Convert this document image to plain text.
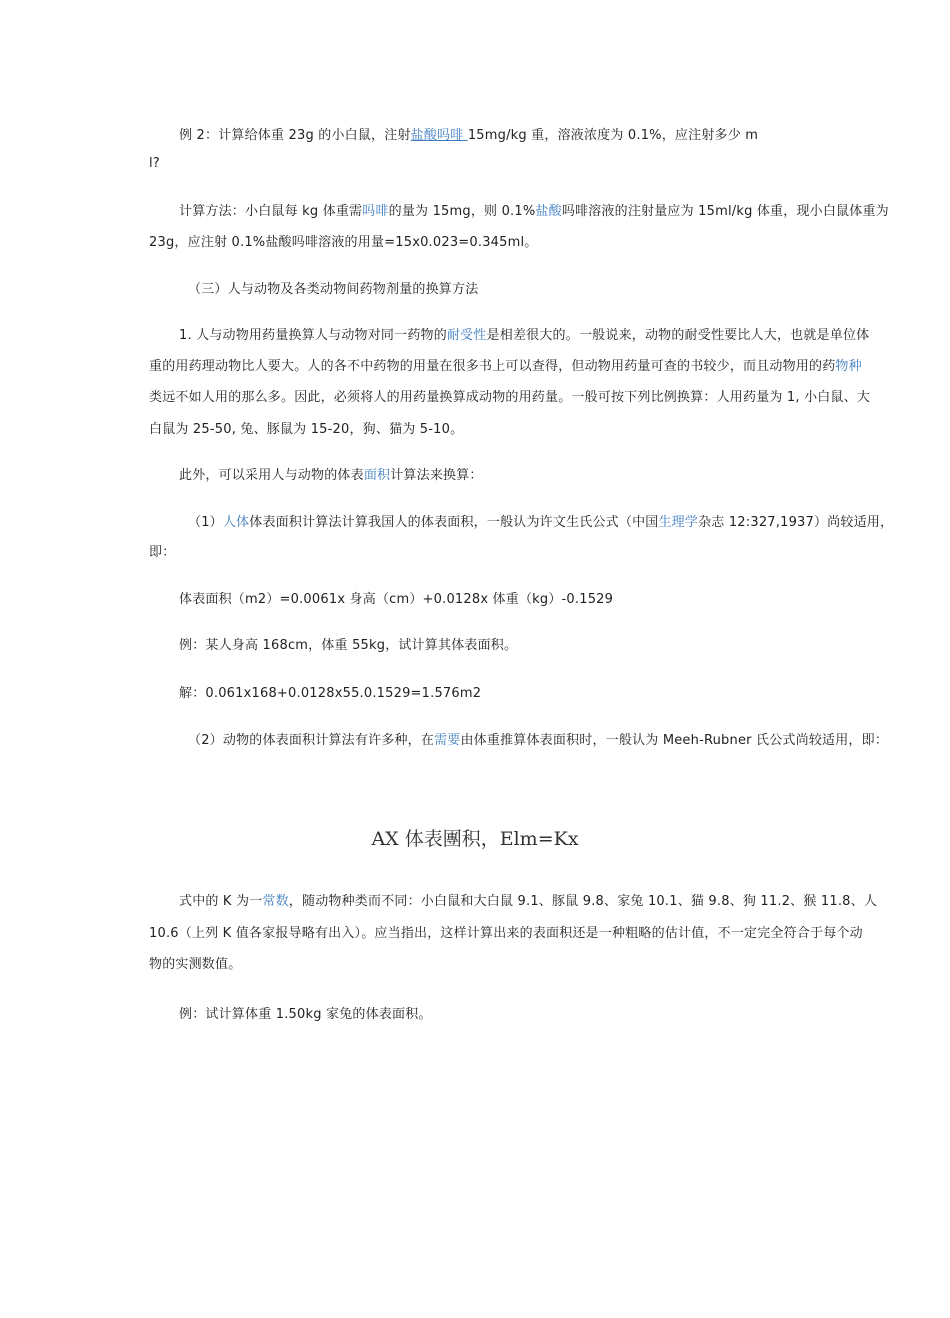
例 2：计算给体重 23g 的小白鼠，注射盐酸吗啡 15mg/kg 重，溶液浓度为 0.1%，应注射多少 m
l?
计算方法：小白鼠每 kg 体重需吗啡的量为 15mg，则 0.1%盐酸吗啡溶液的注射量应为 15ml/kg 体重，现小白鼠体重为
23g，应注射 0.1%盐酸吗啡溶液的用量=15x0.023=0.345ml。
（三）人与动物及各类动物间药物剂量的换算方法
1. 人与动物用药量换算人与动物对同一药物的耐受性是相差很大的。一般说来，动物的耐受性要比人大，也就是单位体
重的用药理动物比人要大。人的各不中药物的用量在很多书上可以查得，但动物用药量可查的书较少，而且动物用的药物种
类远不如人用的那么多。因此，必须将人的用药量换算成动物的用药量。一般可按下列比例换算：人用药量为 1, 小白鼠、大
白鼠为 25-50, 兔、豚鼠为 15-20，狗、猫为 5-10。
此外，可以采用人与动物的体表面积计算法来换算：
（1）人体体表面积计算法计算我国人的体表面积，一般认为许文生氏公式（中国生理学杂志 12:327,1937）尚较适用，
即：
体表面积（m2）=0.0061x 身高（cm）+0.0128x 体重（kg）-0.1529
例：某人身高 168cm，体重 55kg，试计算其体表面积。
解：0.061x168+0.0128x55.0.1529=1.576m2
（2）动物的体表面积计算法有许多种，在需要由体重推算体表面积时，一般认为 Meeh-Rubner 氏公式尚较适用，即：
AX 体表團积，Elm=Kx
式中的 K 为一常数，随动物种类而不同：小白鼠和大白鼠 9.1、豚鼠 9.8、家兔 10.1、猫 9.8、狗 11.2、猴 11.8、人
10.6（上列 K 值各家报导略有出入）。应当指出，这样计算出来的表面积还是一种粗略的估计值，不一定完全符合于每个动
物的实测数值。
例：试计算体重 1.50kg 家兔的体表面积。
